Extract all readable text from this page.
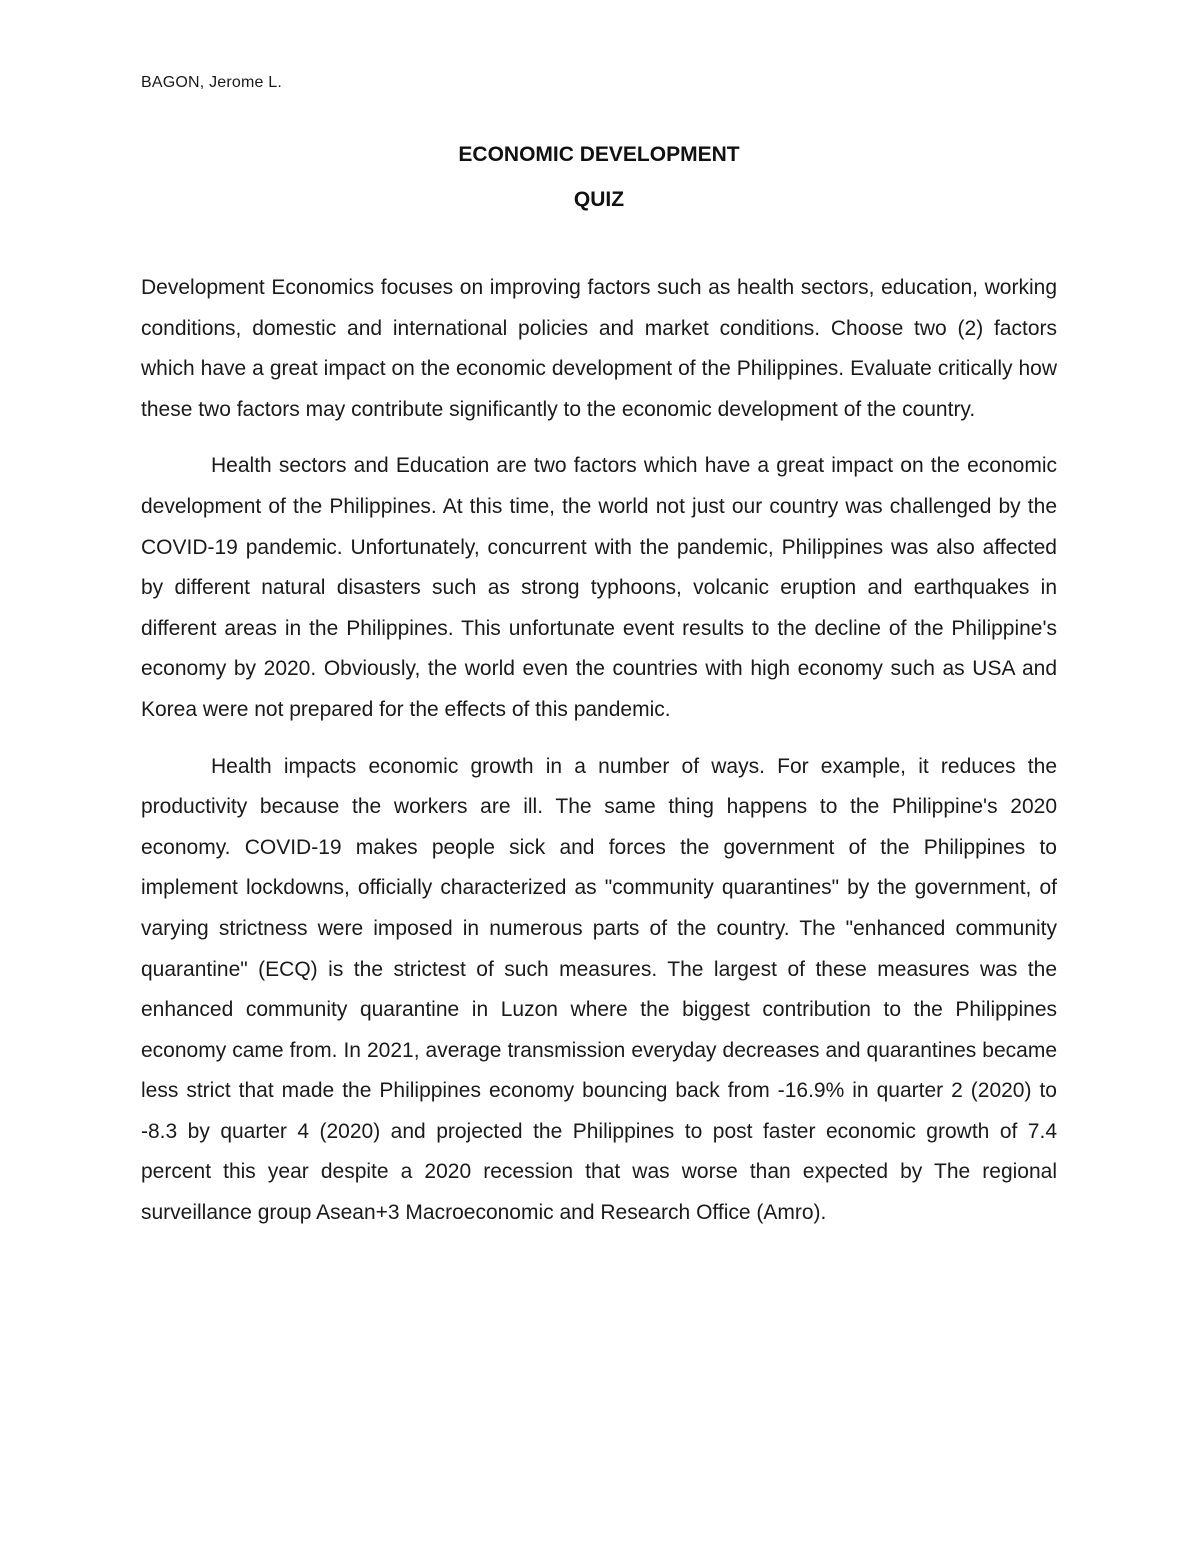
BAGON, Jerome L.

ECONOMIC DEVELOPMENT

QUIZ

Development Economics focuses on improving factors such as health sectors, education, working conditions, domestic and international policies and market conditions. Choose two (2) factors which have a great impact on the economic development of the Philippines. Evaluate critically how these two factors may contribute significantly to the economic development of the country.

Health sectors and Education are two factors which have a great impact on the economic development of the Philippines. At this time, the world not just our country was challenged by the COVID-19 pandemic. Unfortunately, concurrent with the pandemic, Philippines was also affected by different natural disasters such as strong typhoons, volcanic eruption and earthquakes in different areas in the Philippines. This unfortunate event results to the decline of the Philippine's economy by 2020. Obviously, the world even the countries with high economy such as USA and Korea were not prepared for the effects of this pandemic.

Health impacts economic growth in a number of ways. For example, it reduces the productivity because the workers are ill. The same thing happens to the Philippine's 2020 economy. COVID-19 makes people sick and forces the government of the Philippines to implement lockdowns, officially characterized as "community quarantines" by the government, of varying strictness were imposed in numerous parts of the country. The "enhanced community quarantine" (ECQ) is the strictest of such measures. The largest of these measures was the enhanced community quarantine in Luzon where the biggest contribution to the Philippines economy came from. In 2021, average transmission everyday decreases and quarantines became less strict that made the Philippines economy bouncing back from -16.9% in quarter 2 (2020) to -8.3 by quarter 4 (2020) and projected the Philippines to post faster economic growth of 7.4 percent this year despite a 2020 recession that was worse than expected by The regional surveillance group Asean+3 Macroeconomic and Research Office (Amro).
